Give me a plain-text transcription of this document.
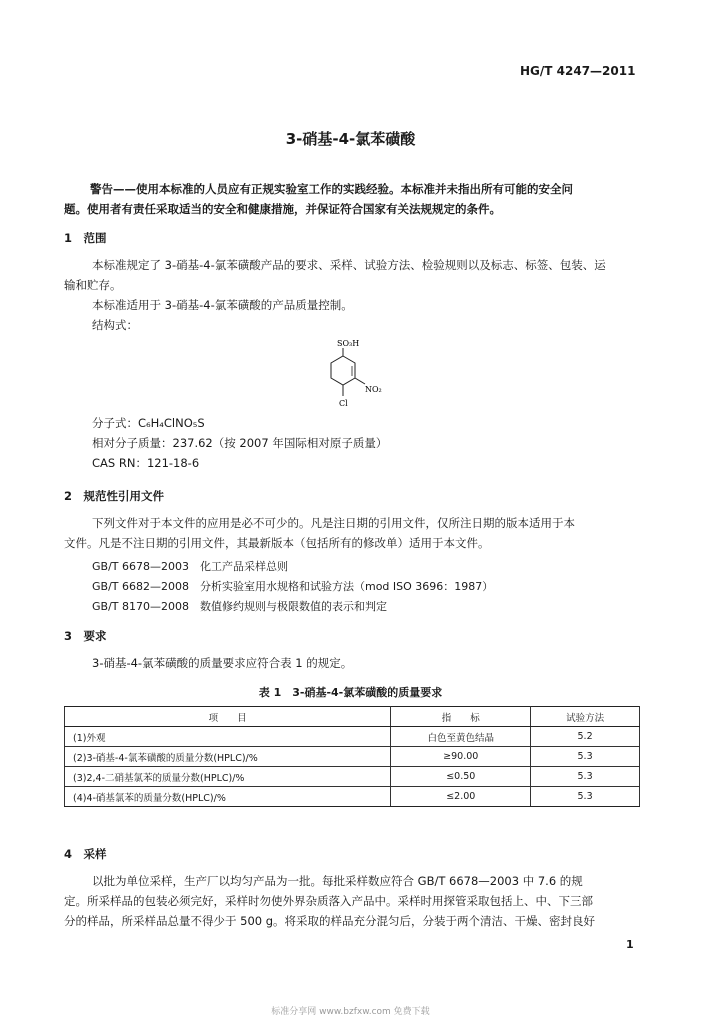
HG/T 4247—2011
3-硝基-4-氯苯磺酸
警告——使用本标准的人员应有正规实验室工作的实践经验。本标准并未指出所有可能的安全问
题。使用者有责任采取适当的安全和健康措施，并保证符合国家有关法规规定的条件。
1　范围
本标准规定了 3-硝基-4-氯苯磺酸产品的要求、采样、试验方法、检验规则以及标志、标签、包装、运
输和贮存。
本标准适用于 3-硝基-4-氯苯磺酸的产品质量控制。
结构式：
SO₃H
NO₂
Cl
分子式：C₆H₄ClNO₅S
相对分子质量：237.62（按 2007 年国际相对原子质量）
CAS RN：121-18-6
2　规范性引用文件
下列文件对于本文件的应用是必不可少的。凡是注日期的引用文件，仅所注日期的版本适用于本
文件。凡是不注日期的引用文件，其最新版本（包括所有的修改单）适用于本文件。
GB/T 6678—2003　化工产品采样总则
GB/T 6682—2008　分析实验室用水规格和试验方法（mod ISO 3696：1987）
GB/T 8170—2008　数值修约规则与极限数值的表示和判定
3　要求
3-硝基-4-氯苯磺酸的质量要求应符合表 1 的规定。
表 1　3-硝基-4-氯苯磺酸的质量要求
项　　目	指　　标	试验方法
(1)外观	白色至黄色结晶	5.2
(2)3-硝基-4-氯苯磺酸的质量分数(HPLC)/%	≥90.00	5.3
(3)2,4-二硝基氯苯的质量分数(HPLC)/%	≤0.50	5.3
(4)4-硝基氯苯的质量分数(HPLC)/%	≤2.00	5.3
4　采样
以批为单位采样，生产厂以均匀产品为一批。每批采样数应符合 GB/T 6678—2003 中 7.6 的规
定。所采样品的包装必须完好，采样时勿使外界杂质落入产品中。采样时用探管采取包括上、中、下三部
分的样品，所采样品总量不得少于 500 g。将采取的样品充分混匀后，分装于两个清洁、干燥、密封良好
1
标准分享网 www.bzfxw.com 免费下载
